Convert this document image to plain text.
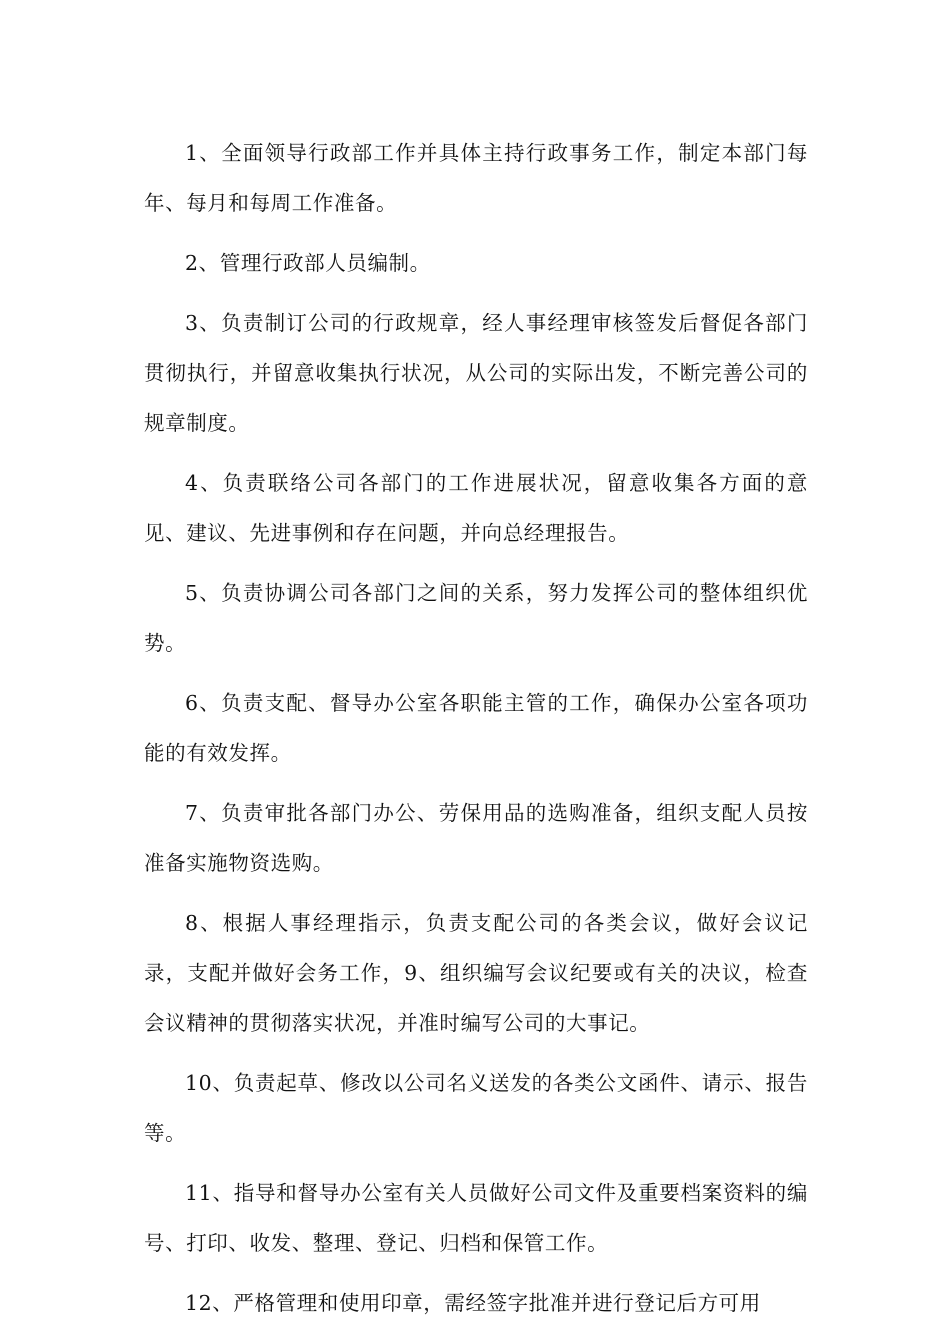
1、全面领导行政部工作并具体主持行政事务工作，制定本部门每年、每月和每周工作准备。

2、管理行政部人员编制。

3、负责制订公司的行政规章，经人事经理审核签发后督促各部门贯彻执行，并留意收集执行状况，从公司的实际出发，不断完善公司的规章制度。

4、负责联络公司各部门的工作进展状况，留意收集各方面的意见、建议、先进事例和存在问题，并向总经理报告。

5、负责协调公司各部门之间的关系，努力发挥公司的整体组织优势。

6、负责支配、督导办公室各职能主管的工作，确保办公室各项功能的有效发挥。

7、负责审批各部门办公、劳保用品的选购准备，组织支配人员按准备实施物资选购。

8、根据人事经理指示，负责支配公司的各类会议，做好会议记录，支配并做好会务工作，9、组织编写会议纪要或有关的决议，检查会议精神的贯彻落实状况，并准时编写公司的大事记。

10、负责起草、修改以公司名义送发的各类公文函件、请示、报告等。

11、指导和督导办公室有关人员做好公司文件及重要档案资料的编号、打印、收发、整理、登记、归档和保管工作。

12、严格管理和使用印章，需经签字批准并进行登记后方可用
